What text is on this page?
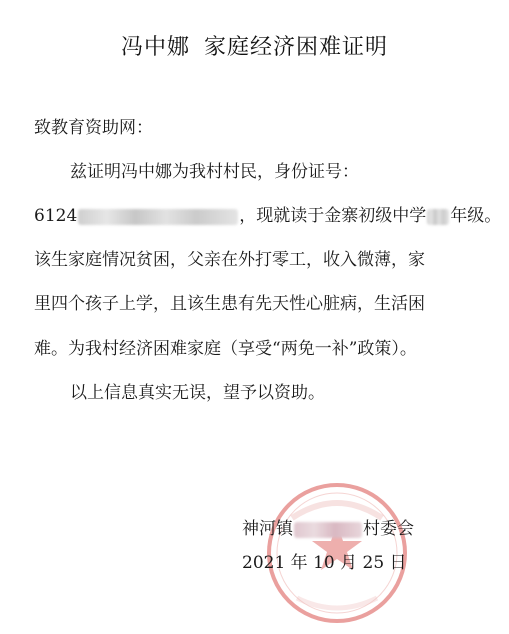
冯中娜 家庭经济困难证明
致教育资助网：
兹证明冯中娜为我村村民，身份证号：
6124	，现就读于金寨初级中学 年级。
该生家庭情况贫困，父亲在外打零工，收入微薄，家
里四个孩子上学，且该生患有先天性心脏病，生活困
难。为我村经济困难家庭（享受“两免一补”政策）。
以上信息真实无误，望予以资助。
神河镇	村委会
2021 年 10 月 25 日
